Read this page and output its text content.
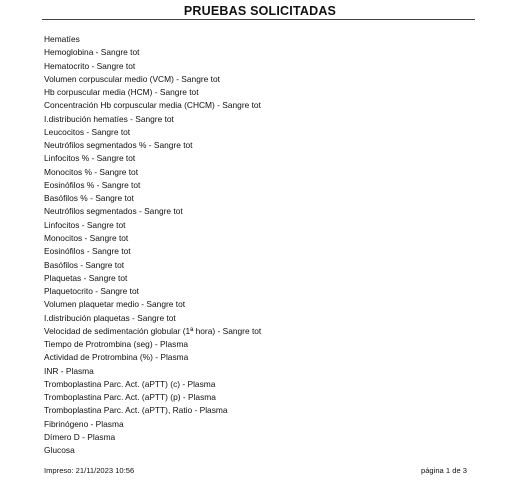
PRUEBAS SOLICITADAS
Hematíes
Hemoglobina - Sangre tot
Hematocrito - Sangre tot
Volumen corpuscular medio (VCM) - Sangre tot
Hb corpuscular media (HCM) - Sangre tot
Concentración Hb corpuscular media (CHCM) - Sangre tot
I.distribución hematíes - Sangre tot
Leucocitos - Sangre tot
Neutrófilos segmentados % - Sangre tot
Linfocitos % - Sangre tot
Monocitos % - Sangre tot
Eosinófilos % - Sangre tot
Basófilos % - Sangre tot
Neutrófilos segmentados - Sangre tot
Linfocitos - Sangre tot
Monocitos - Sangre tot
Eosinófilos - Sangre tot
Basófilos - Sangre tot
Plaquetas - Sangre tot
Plaquetocrito - Sangre tot
Volumen plaquetar medio - Sangre tot
I.distribución plaquetas - Sangre tot
Velocidad de sedimentación globular (1ª hora) - Sangre tot
Tiempo de Protrombina (seg) - Plasma
Actividad de Protrombina (%) - Plasma
INR - Plasma
Tromboplastina Parc. Act. (aPTT) (c) - Plasma
Tromboplastina Parc. Act. (aPTT) (p) - Plasma
Tromboplastina Parc. Act. (aPTT), Ratio - Plasma
Fibrinógeno - Plasma
Dímero D - Plasma
Glucosa
Impreso: 21/11/2023 10:56	página 1 de 3
